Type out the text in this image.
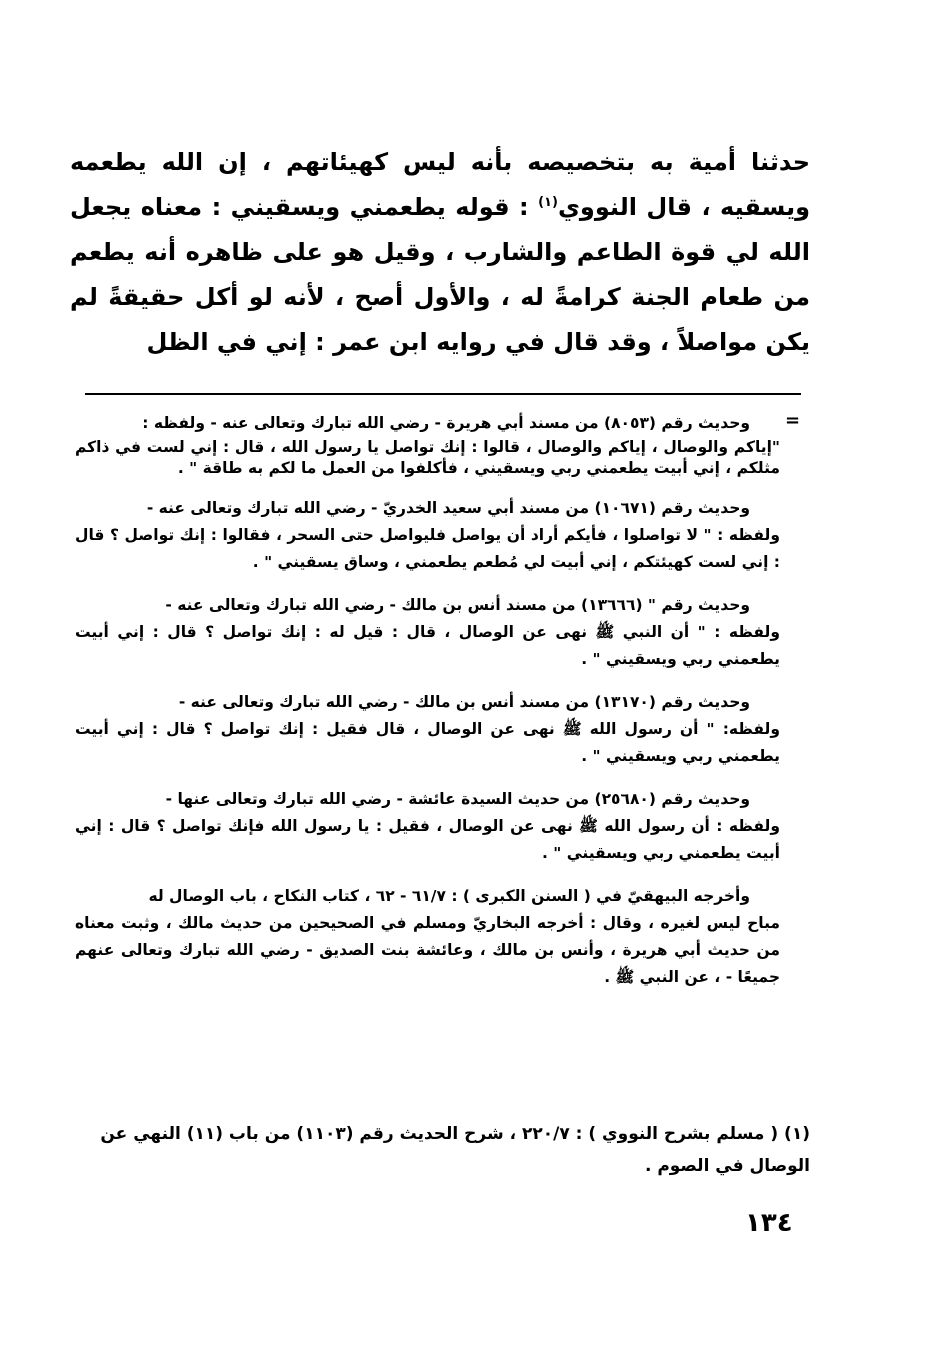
حدثنا أمية به بتخصيصه بأنه ليس كهيئاتهم ، إن الله يطعمه ويسقيه ، قال النووي$^{(١)}$ : قوله يطعمني ويسقيني : معناه يجعل الله لي قوة الطاعم والشارب ، وقيل هو على ظاهره أنه يطعم من طعام الجنة كرامةً له ، والأول أصح ، لأنه لو أكل حقيقةً لم يكن مواصلاً ، وقد قال في روايه ابن عمر : إني في الظل

=

وحديث رقم (٨٠٥٣) من مسند أبي هريرة - رضي الله تبارك وتعالى عنه - ولفظه :

"إياكم والوصال ، إياكم والوصال ، قالوا : إنك تواصل يا رسول الله ، قال : إني لست في ذاكم مثلكم ، إني أبيت يطعمني ربي ويسقيني ، فأكلفوا من العمل ما لكم به طاقة " .

وحديث رقم (١٠٦٧١) من مسند أبي سعيد الخدريّ - رضي الله تبارك وتعالى عنه -

ولفظه : " لا تواصلوا ، فأيكم أراد أن يواصل فليواصل حتى السحر ، فقالوا : إنك تواصل ؟ قال : إني لست كهيئتكم ، إني أبيت لي مُطعم يطعمني ، وساق يسقيني " .

وحديث رقم " (١٣٦٦٦) من مسند أنس بن مالك - رضي الله تبارك وتعالى عنه -

ولفظه : " أن النبي ﷺ نهى عن الوصال ، قال : قيل له : إنك تواصل ؟ قال : إني أبيت يطعمني ربي ويسقيني " .

وحديث رقم (١٣١٧٠) من مسند أنس بن مالك - رضي الله تبارك وتعالى عنه -

ولفظه: " أن رسول الله ﷺ نهى عن الوصال ، قال فقيل : إنك تواصل ؟ قال : إني أبيت يطعمني ربي ويسقيني " .

وحديث رقم (٢٥٦٨٠) من حديث السيدة عائشة - رضي الله تبارك وتعالى عنها -

ولفظه : أن رسول الله ﷺ نهى عن الوصال ، فقيل : يا رسول الله فإنك تواصل ؟ قال : إني أبيت يطعمني ربي ويسقيني " .

وأخرجه البيهقيّ في ( السنن الكبرى ) : ٦١/٧ - ٦٢ ، كتاب النكاح ، باب الوصال له

مباح ليس لغيره ، وقال : أخرجه البخاريّ ومسلم في الصحيحين من حديث مالك ، وثبت معناه من حديث أبي هريرة ، وأنس بن مالك ، وعائشة بنت الصديق - رضي الله تبارك وتعالى عنهم جميعًا - ، عن النبي ﷺ .

(١) ( مسلم بشرح النووي ) : ٢٢٠/٧ ، شرح الحديث رقم (١١٠٣) من باب (١١) النهي عن

الوصال في الصوم .

١٣٤
